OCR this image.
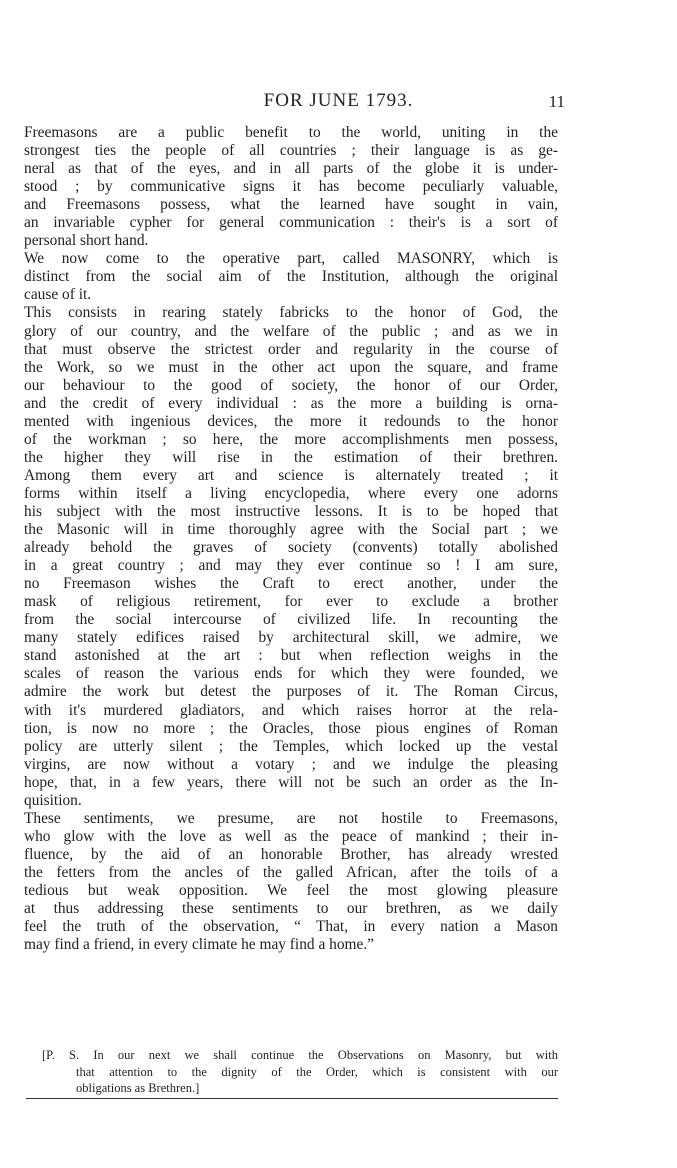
FOR JUNE 1793.	11
Freemasons are a public benefit to the world, uniting in the
strongest ties the people of all countries ; their language is as ge-
neral as that of the eyes, and in all parts of the globe it is under-
stood ; by communicative signs it has become peculiarly valuable,
and Freemasons possess, what the learned have sought in vain,
an invariable cypher for general communication : their's is a sort of
personal short hand.
We now come to the operative part, called MASONRY, which is
distinct from the social aim of the Institution, although the original
cause of it.
This consists in rearing stately fabricks to the honor of God, the
glory of our country, and the welfare of the public ; and as we in
that must observe the strictest order and regularity in the course of
the Work, so we must in the other act upon the square, and frame
our behaviour to the good of society, the honor of our Order,
and the credit of every individual : as the more a building is orna-
mented with ingenious devices, the more it redounds to the honor
of the workman ; so here, the more accomplishments men possess,
the higher they will rise in the estimation of their brethren.
Among them every art and science is alternately treated ; it
forms within itself a living encyclopedia, where every one adorns
his subject with the most instructive lessons. It is to be hoped that
the Masonic will in time thoroughly agree with the Social part ; we
already behold the graves of society (convents) totally abolished
in a great country ; and may they ever continue so ! I am sure,
no Freemason wishes the Craft to erect another, under the
mask of religious retirement, for ever to exclude a brother
from the social intercourse of civilized life. In recounting the
many stately edifices raised by architectural skill, we admire, we
stand astonished at the art : but when reflection weighs in the
scales of reason the various ends for which they were founded, we
admire the work but detest the purposes of it. The Roman Circus,
with it's murdered gladiators, and which raises horror at the rela-
tion, is now no more ; the Oracles, those pious engines of Roman
policy are utterly silent ; the Temples, which locked up the vestal
virgins, are now without a votary ; and we indulge the pleasing
hope, that, in a few years, there will not be such an order as the In-
quisition.
These sentiments, we presume, are not hostile to Freemasons,
who glow with the love as well as the peace of mankind ; their in-
fluence, by the aid of an honorable Brother, has already wrested
the fetters from the ancles of the galled African, after the toils of a
tedious but weak opposition. We feel the most glowing pleasure
at thus addressing these sentiments to our brethren, as we daily
feel the truth of the observation, “ That, in every nation a Mason
may find a friend, in every climate he may find a home.”
[P. S. In our next we shall continue the Observations on Masonry, but with
that attention to the dignity of the Order, which is consistent with our
obligations as Brethren.]
